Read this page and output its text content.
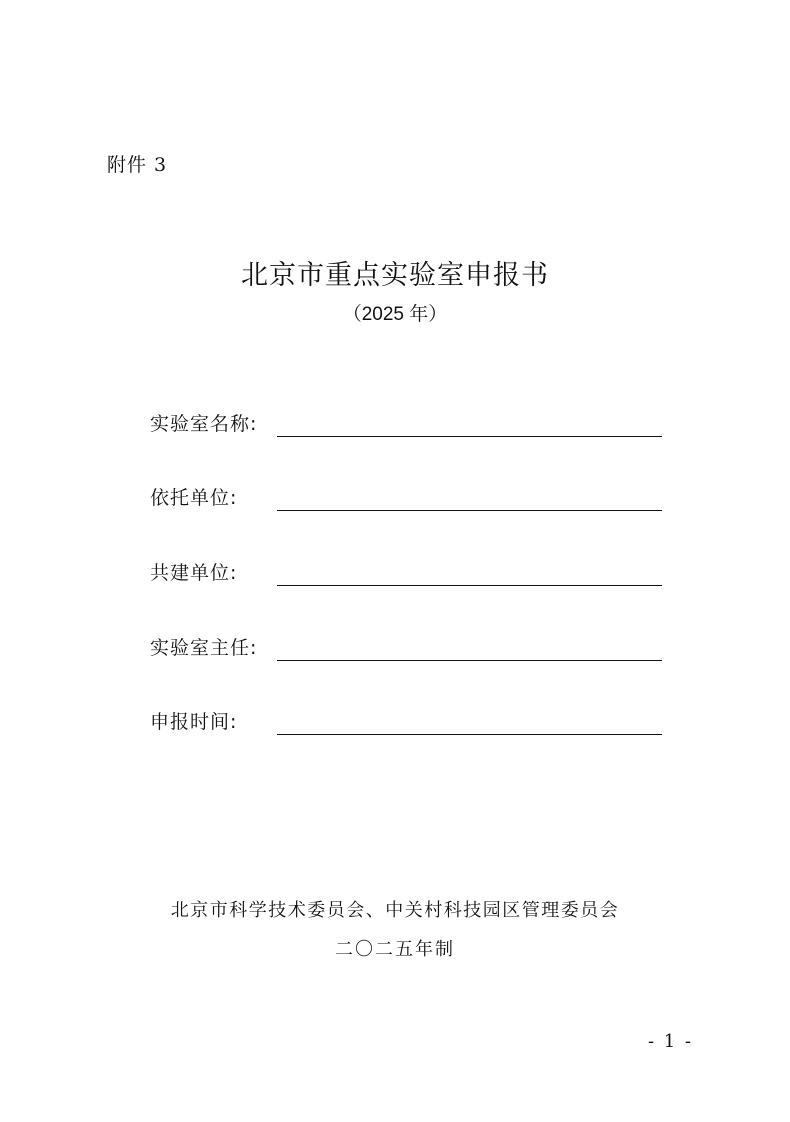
附件 3
北京市重点实验室申报书
（2025 年）
实验室名称:
依托单位:
共建单位:
实验室主任:
申报时间:
北京市科学技术委员会、中关村科技园区管理委员会
二〇二五年制
- 1 -
